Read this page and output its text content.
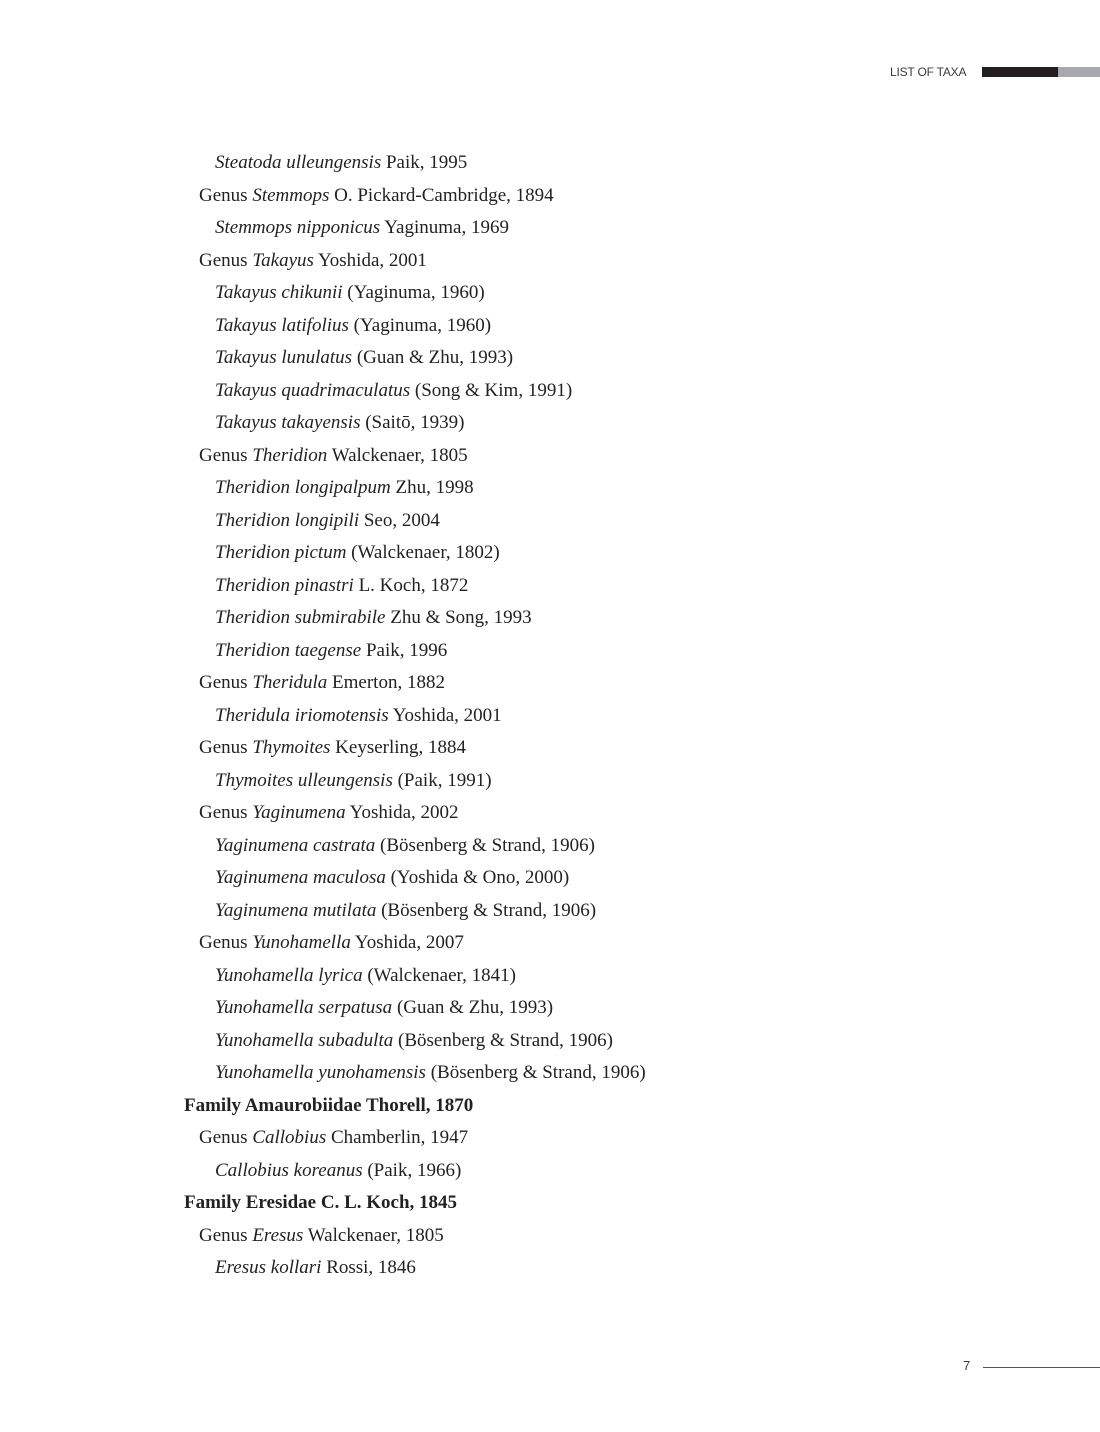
LIST OF TAXA
Steatoda ulleungensis Paik, 1995
Genus Stemmops O. Pickard-Cambridge, 1894
Stemmops nipponicus Yaginuma, 1969
Genus Takayus Yoshida, 2001
Takayus chikunii (Yaginuma, 1960)
Takayus latifolius (Yaginuma, 1960)
Takayus lunulatus (Guan & Zhu, 1993)
Takayus quadrimaculatus (Song & Kim, 1991)
Takayus takayensis (Saitō, 1939)
Genus Theridion Walckenaer, 1805
Theridion longipalpum Zhu, 1998
Theridion longipili Seo, 2004
Theridion pictum (Walckenaer, 1802)
Theridion pinastri L. Koch, 1872
Theridion submirabile Zhu & Song, 1993
Theridion taegense Paik, 1996
Genus Theridula Emerton, 1882
Theridula iriomotensis Yoshida, 2001
Genus Thymoites Keyserling, 1884
Thymoites ulleungensis (Paik, 1991)
Genus Yaginumena Yoshida, 2002
Yaginumena castrata (Bösenberg & Strand, 1906)
Yaginumena maculosa (Yoshida & Ono, 2000)
Yaginumena mutilata (Bösenberg & Strand, 1906)
Genus Yunohamella Yoshida, 2007
Yunohamella lyrica (Walckenaer, 1841)
Yunohamella serpatusa (Guan & Zhu, 1993)
Yunohamella subadulta (Bösenberg & Strand, 1906)
Yunohamella yunohamensis (Bösenberg & Strand, 1906)
Family Amaurobiidae Thorell, 1870
Genus Callobius Chamberlin, 1947
Callobius koreanus (Paik, 1966)
Family Eresidae C. L. Koch, 1845
Genus Eresus Walckenaer, 1805
Eresus kollari Rossi, 1846
7
